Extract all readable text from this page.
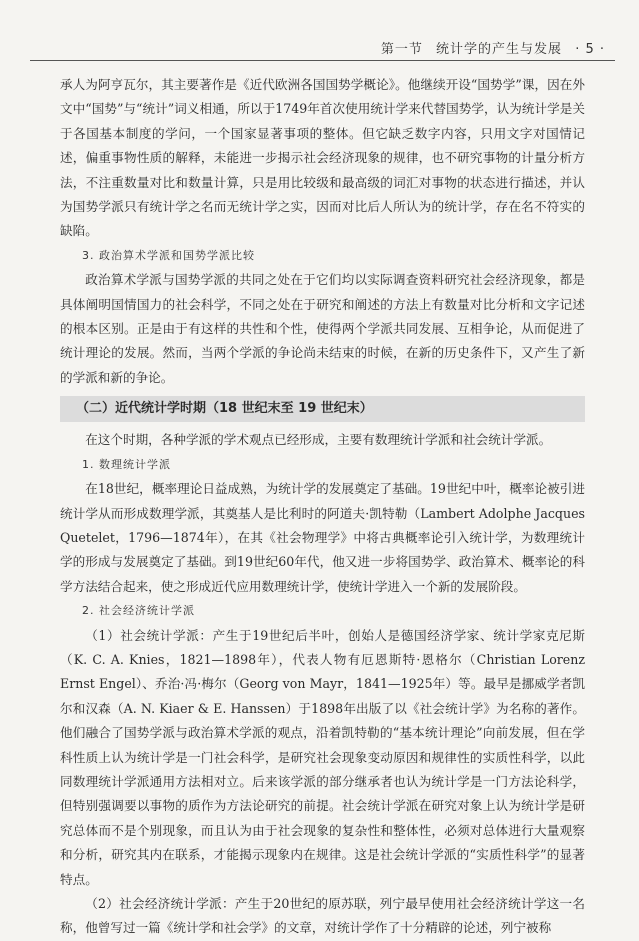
第一节 统计学的产生与发展 · 5 ·

承人为阿亨瓦尔，其主要著作是《近代欧洲各国国势学概论》。他继续开设“国势学”课，因在外文中“国势”与“统计”词义相通，所以于1749年首次使用统计学来代替国势学，认为统计学是关于各国基本制度的学问，一个国家显著事项的整体。但它缺乏数字内容，只用文字对国情记述，偏重事物性质的解释，未能进一步揭示社会经济现象的规律，也不研究事物的计量分析方法，不注重数量对比和数量计算，只是用比较级和最高级的词汇对事物的状态进行描述，并认为国势学派只有统计学之名而无统计学之实，因而对比后人所认为的统计学，存在名不符实的缺陷。

3. 政治算术学派和国势学派比较

政治算术学派与国势学派的共同之处在于它们均以实际调查资料研究社会经济现象，都是具体阐明国情国力的社会科学，不同之处在于研究和阐述的方法上有数量对比分析和文字记述的根本区别。正是由于有这样的共性和个性，使得两个学派共同发展、互相争论，从而促进了统计理论的发展。然而，当两个学派的争论尚未结束的时候，在新的历史条件下，又产生了新的学派和新的争论。

（二）近代统计学时期（18 世纪末至 19 世纪末）

在这个时期，各种学派的学术观点已经形成，主要有数理统计学派和社会统计学派。

1. 数理统计学派

在18世纪，概率理论日益成熟，为统计学的发展奠定了基础。19世纪中叶，概率论被引进统计学从而形成数理学派，其奠基人是比利时的阿道夫·凯特勒（Lambert Adolphe Jacques Quetelet，1796—1874年），在其《社会物理学》中将古典概率论引入统计学，为数理统计学的形成与发展奠定了基础。到19世纪60年代，他又进一步将国势学、政治算术、概率论的科学方法结合起来，使之形成近代应用数理统计学，使统计学进入一个新的发展阶段。

2. 社会经济统计学派

（1）社会统计学派：产生于19世纪后半叶，创始人是德国经济学家、统计学家克尼斯（K. C. A. Knies，1821—1898年），代表人物有厄恩斯特·恩格尔（Christian Lorenz Ernst Engel）、乔治·冯·梅尔（Georg von Mayr，1841—1925年）等。最早是挪威学者凯尔和汉森（A. N. Kiaer & E. Hanssen）于1898年出版了以《社会统计学》为名称的著作。他们融合了国势学派与政治算术学派的观点，沿着凯特勒的“基本统计理论”向前发展，但在学科性质上认为统计学是一门社会科学，是研究社会现象变动原因和规律性的实质性科学，以此同数理统计学派通用方法相对立。后来该学派的部分继承者也认为统计学是一门方法论科学，但特别强调要以事物的质作为方法论研究的前提。社会统计学派在研究对象上认为统计学是研究总体而不是个别现象，而且认为由于社会现象的复杂性和整体性，必须对总体进行大量观察和分析，研究其内在联系，才能揭示现象内在规律。这是社会统计学派的“实质性科学”的显著特点。

（2）社会经济统计学派：产生于20世纪的原苏联，列宁最早使用社会经济统计学这一名称，他曾写过一篇《统计学和社会学》的文章，对统计学作了十分精辟的论述，列宁被称
